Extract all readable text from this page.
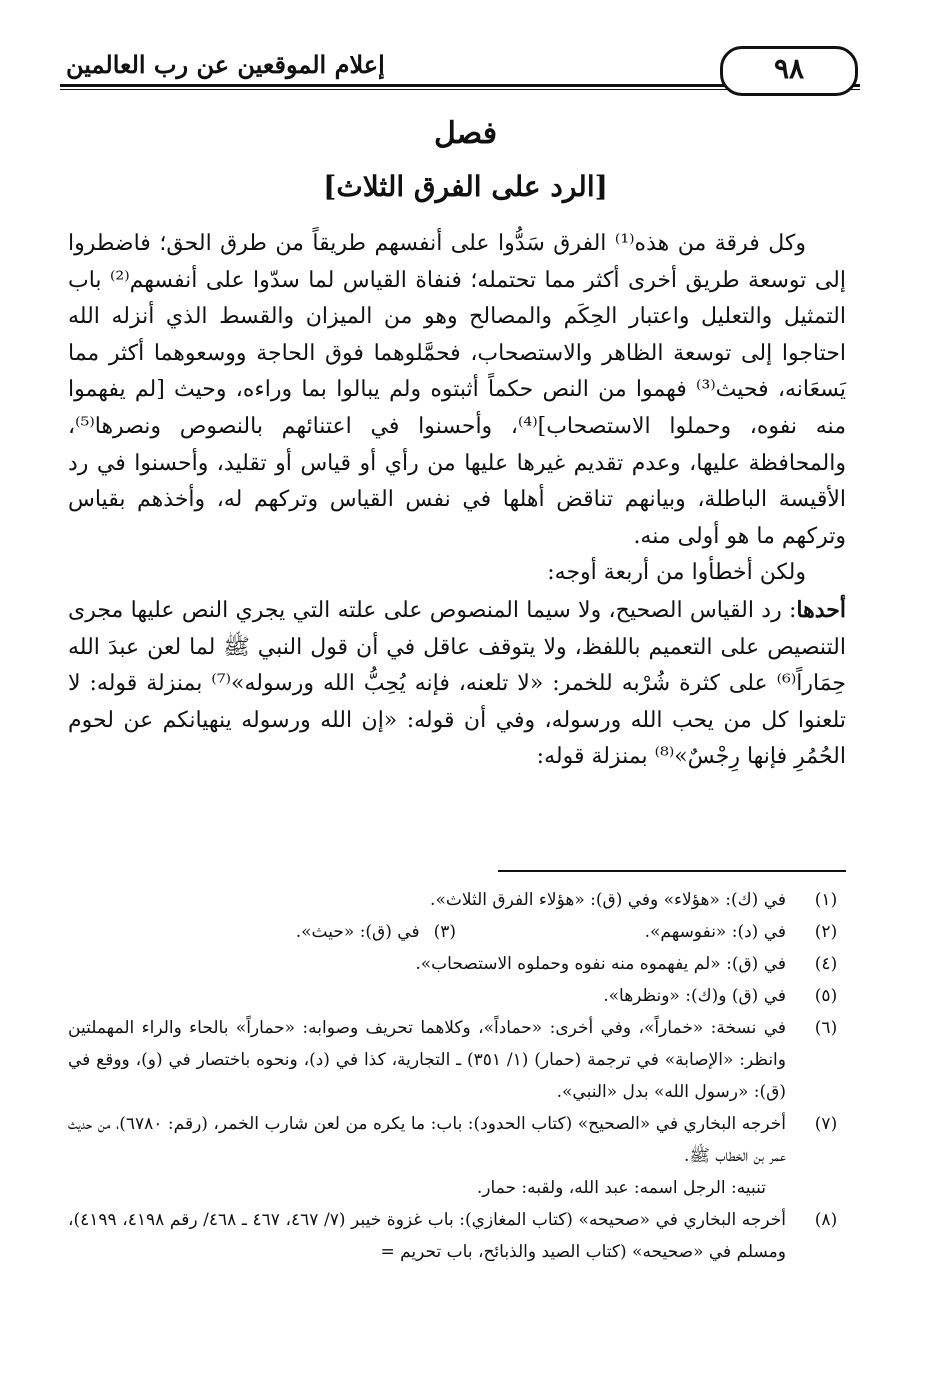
إعلام الموقعين عن رب العالمين	٩٨
فصل
[الرد على الفرق الثلاث]

وكل فرقة من هذه⁽¹⁾ الفرق سَدُّوا على أنفسهم طريقاً من طرق الحق؛ فاضطروا إلى توسعة طريق أخرى أكثر مما تحتمله؛ فنفاة القياس لما سدّوا على أنفسهم⁽²⁾ باب التمثيل والتعليل واعتبار الحِكَم والمصالح وهو من الميزان والقسط الذي أنزله الله احتاجوا إلى توسعة الظاهر والاستصحاب، فحمَّلوهما فوق الحاجة ووسعوهما أكثر مما يَسعَانه، فحيث⁽³⁾ فهموا من النص حكماً أثبتوه ولم يبالوا بما وراءه، وحيث [لم يفهموا منه نفوه، وحملوا الاستصحاب]⁽⁴⁾، وأحسنوا في اعتنائهم بالنصوص ونصرها⁽⁵⁾، والمحافظة عليها، وعدم تقديم غيرها عليها من رأي أو قياس أو تقليد، وأحسنوا في رد الأقيسة الباطلة، وبيانهم تناقض أهلها في نفس القياس وتركهم له، وأخذهم بقياس وتركهم ما هو أولى منه.

ولكن أخطأوا من أربعة أوجه:

أحدها: رد القياس الصحيح، ولا سيما المنصوص على علته التي يجري النص عليها مجرى التنصيص على التعميم باللفظ، ولا يتوقف عاقل في أن قول النبي ﷺ لما لعن عبدَ الله حِمَاراً⁽⁶⁾ على كثرة شُرْبه للخمر: «لا تلعنه، فإنه يُحِبُّ الله ورسوله»⁽⁷⁾ بمنزلة قوله: لا تلعنوا كل من يحب الله ورسوله، وفي أن قوله: «إن الله ورسوله ينهيانكم عن لحوم الحُمُرِ فإنها رِجْسٌ»⁽⁸⁾ بمنزلة قوله:

(١)
في (ك): «هؤلاء» وفي (ق): «هؤلاء الفرق الثلاث».
(٢)
في (د): «نفوسهم».
(٣)في (ق): «حيث».
(٤)
في (ق): «لم يفهموه منه نفوه وحملوه الاستصحاب».
(٥)
في (ق) و(ك): «ونظرها».
(٦)
في نسخة: «خماراً»، وفي أخرى: «حماداً»، وكلاهما تحريف وصوابه: «حماراً» بالحاء والراء المهملتين وانظر: «الإصابة» في ترجمة (حمار) (١/ ٣٥١) ـ التجارية، كذا في (د)، ونحوه باختصار في (و)، ووقع في (ق): «رسول الله» بدل «النبي».
(٧)
أخرجه البخاري في «الصحيح» (كتاب الحدود): باب: ما يكره من لعن شارب الخمر، (رقم: ٦٧٨٠)، من حديث عمر بن الخطاب ﷺ.
تنبيه: الرجل اسمه: عبد الله، ولقبه: حمار.
(٨)
أخرجه البخاري في «صحيحه» (كتاب المغازي): باب غزوة خيبر (٧/ ٤٦٧، ٤٦٧ ـ ٤٦٨/ رقم ٤١٩٨، ٤١٩٩)، ومسلم في «صحيحه» (كتاب الصيد والذبائح، باب تحريم =
